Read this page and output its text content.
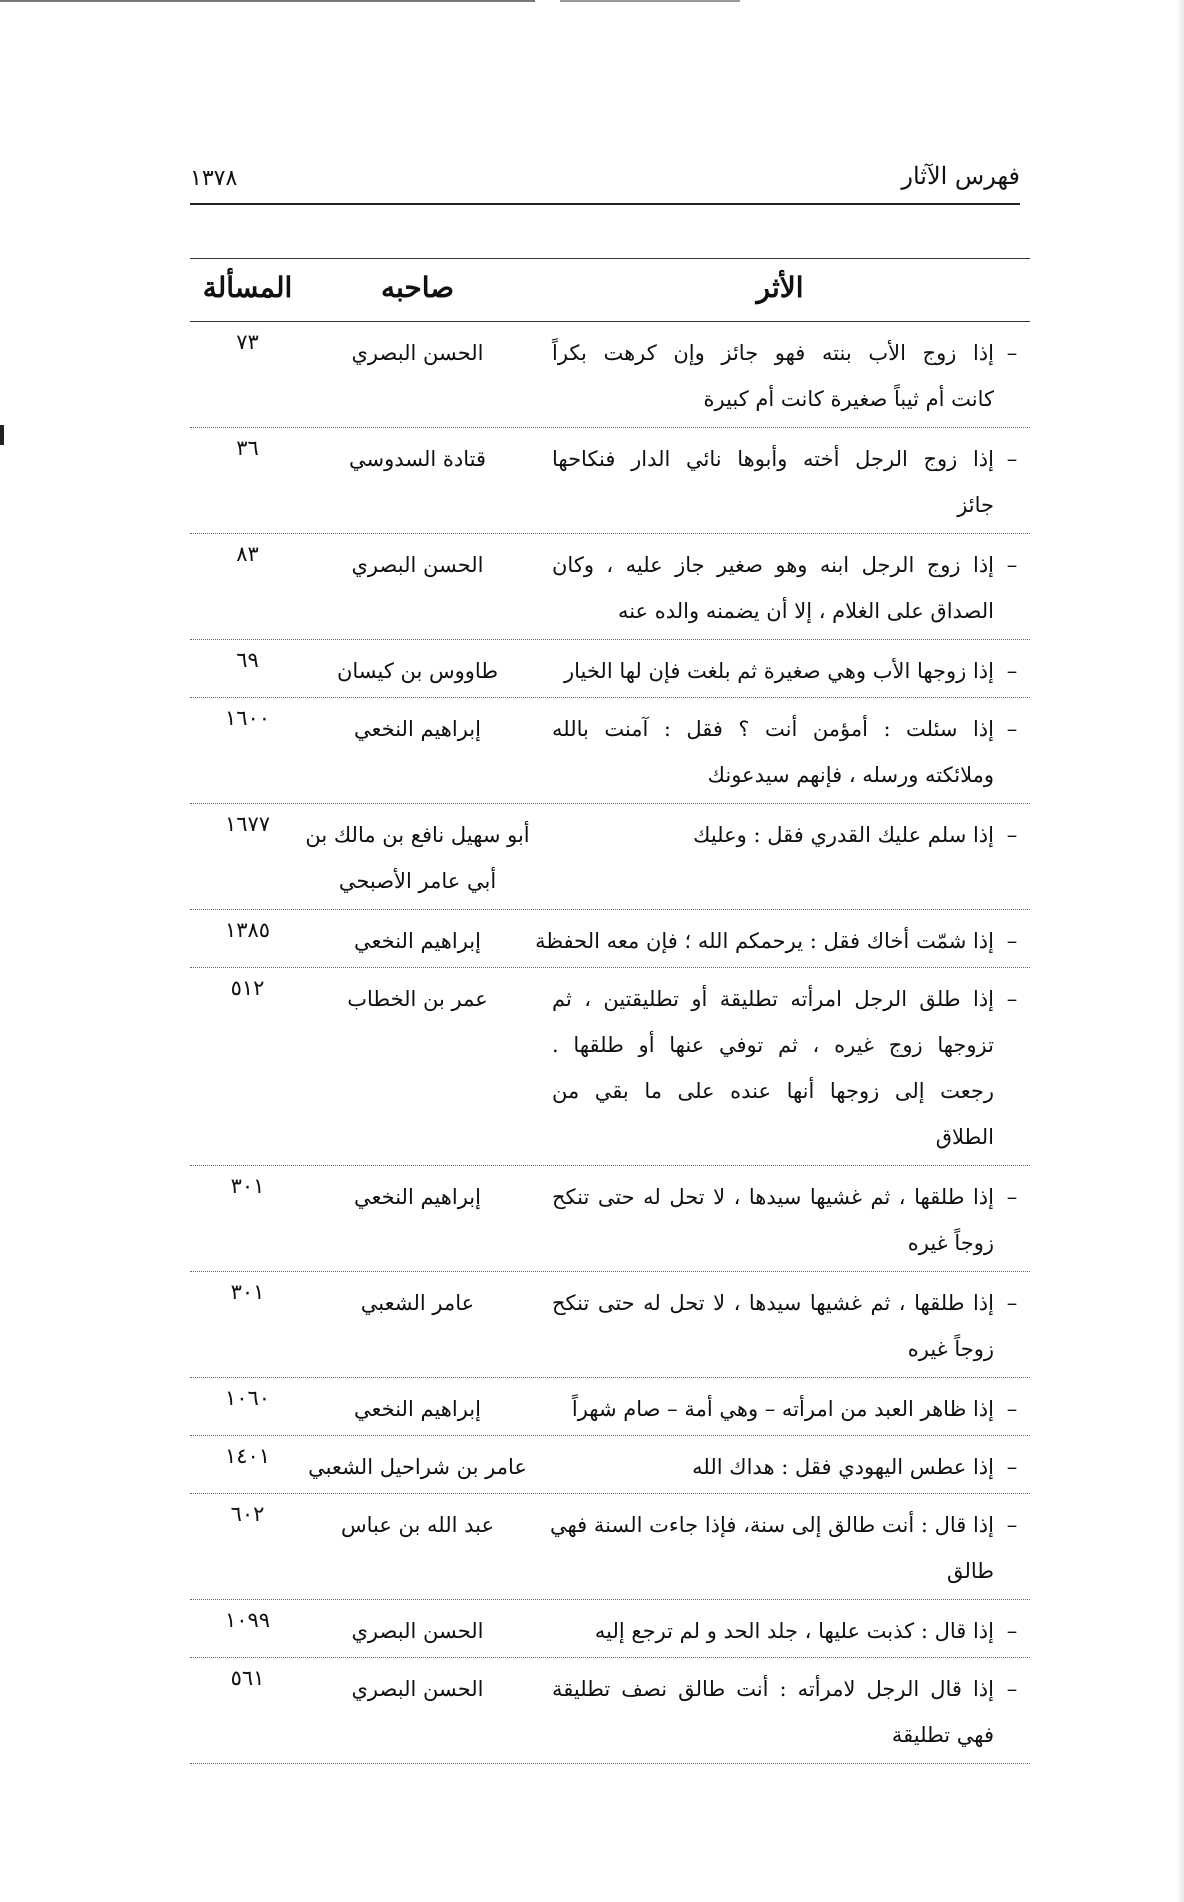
فهرس الآثار
١٣٧٨
الأثر
صاحبه
المسألة
–
إذا زوج الأب بنته فهو جائز وإن كرهت بكراً
كانت أم ثيباً صغيرة كانت أم كبيرة
الحسن البصري
٧٣
–
إذا زوج الرجل أخته وأبوها نائي الدار فنكاحها
جائز
قتادة السدوسي
٣٦
–
إذا زوج الرجل ابنه وهو صغير جاز عليه ، وكان
الصداق على الغلام ، إلا أن يضمنه والده عنه
الحسن البصري
٨٣
–
إذا زوجها الأب وهي صغيرة ثم بلغت فإن لها الخيار
طاووس بن كيسان
٦٩
–
إذا سئلت : أمؤمن أنت ؟ فقل : آمنت بالله
وملائكته ورسله ، فإنهم سيدعونك
إبراهيم النخعي
١٦٠٠
–
إذا سلم عليك القدري فقل : وعليك
أبو سهيل نافع بن مالك بن أبي عامر الأصبحي
١٦٧٧
–
إذا شمّت أخاك فقل : يرحمكم الله ؛ فإن معه الحفظة
إبراهيم النخعي
١٣٨٥
–
إذا طلق الرجل امرأته تطليقة أو تطليقتين ، ثم
تزوجها زوج غيره ، ثم توفي عنها أو طلقها .
رجعت إلى زوجها أنها عنده على ما بقي من
الطلاق
عمر بن الخطاب
٥١٢
–
إذا طلقها ، ثم غشيها سيدها ، لا تحل له حتى تنكح
زوجاً غيره
إبراهيم النخعي
٣٠١
–
إذا طلقها ، ثم غشيها سيدها ، لا تحل له حتى تنكح
زوجاً غيره
عامر الشعبي
٣٠١
–
إذا ظاهر العبد من امرأته – وهي أمة – صام شهراً
إبراهيم النخعي
١٠٦٠
–
إذا عطس اليهودي فقل : هداك الله
عامر بن شراحيل الشعبي
١٤٠١
–
إذا قال : أنت طالق إلى سنة، فإذا جاءت السنة فهي
طالق
عبد الله بن عباس
٦٠٢
–
إذا قال : كذبت عليها ، جلد الحد و لم ترجع إليه
الحسن البصري
١٠٩٩
–
إذا قال الرجل لامرأته : أنت طالق نصف تطليقة
فهي تطليقة
الحسن البصري
٥٦١
